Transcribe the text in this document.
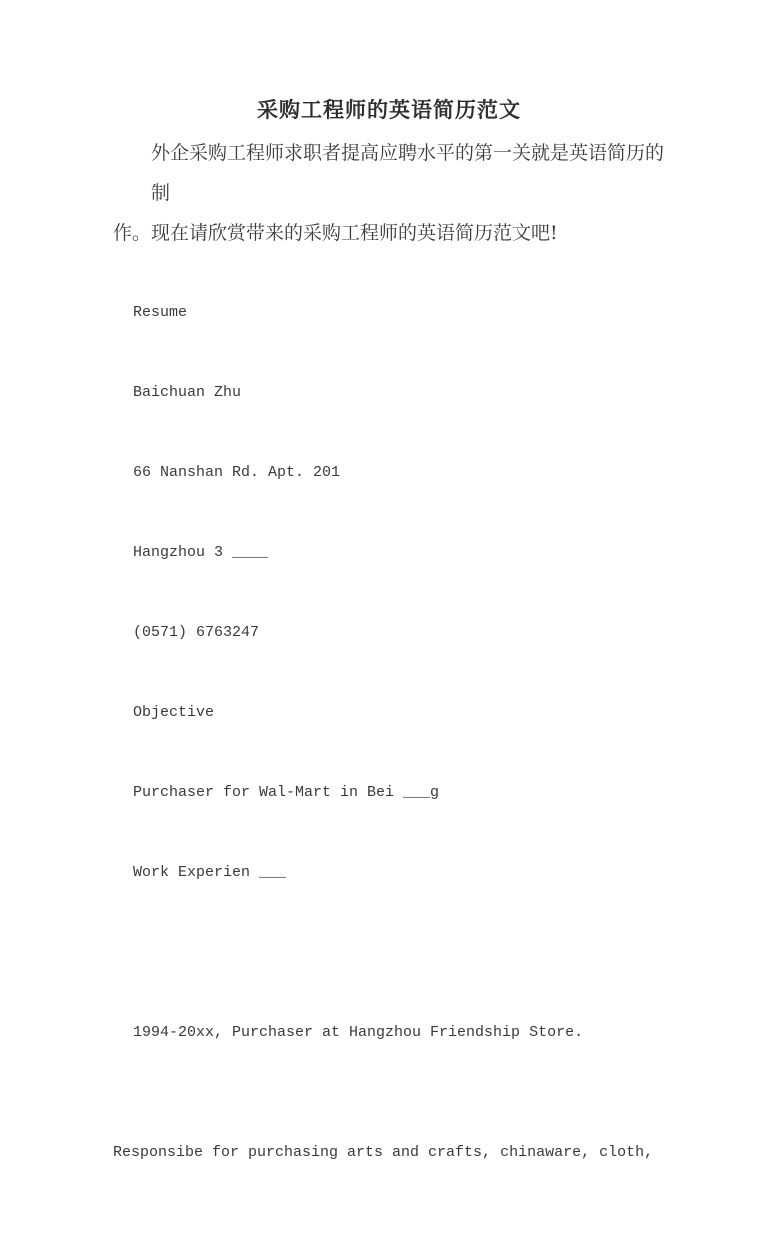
采购工程师的英语简历范文
外企采购工程师求职者提高应聘水平的第一关就是英语简历的制
作。现在请欣赏带来的采购工程师的英语简历范文吧!
Resume
Baichuan Zhu
66 Nanshan Rd. Apt. 201
Hangzhou 3 ____
(0571) 6763247
Objective
Purchaser for Wal-Mart in Bei ___g
Work Experien ___

1994-20xx, Purchaser at Hangzhou Friendship Store.

Responsibe for purchasing arts and crafts, chinaware, cloth,
